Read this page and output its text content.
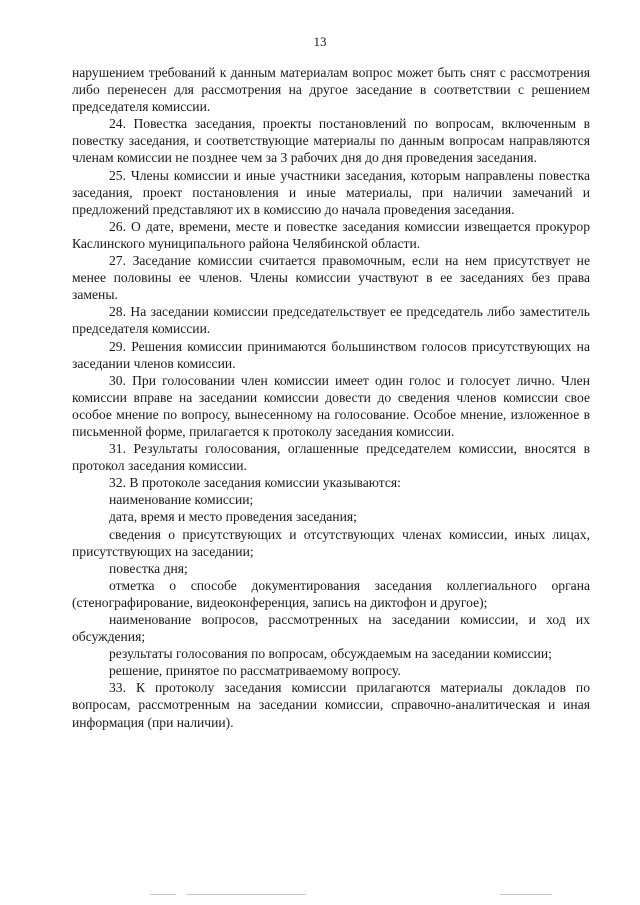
13

нарушением требований к данным материалам вопрос может быть снят с рассмотрения либо перенесен для рассмотрения на другое заседание в соответствии с решением председателя комиссии.

24. Повестка заседания, проекты постановлений по вопросам, включенным в повестку заседания, и соответствующие материалы по данным вопросам направляются членам комиссии не позднее чем за 3 рабочих дня до дня проведения заседания.

25. Члены комиссии и иные участники заседания, которым направлены повестка заседания, проект постановления и иные материалы, при наличии замечаний и предложений представляют их в комиссию до начала проведения заседания.

26. О дате, времени, месте и повестке заседания комиссии извещается прокурор Каслинского муниципального района Челябинской области.

27. Заседание комиссии считается правомочным, если на нем присутствует не менее половины ее членов. Члены комиссии участвуют в ее заседаниях без права замены.

28. На заседании комиссии председательствует ее председатель либо заместитель председателя комиссии.

29. Решения комиссии принимаются большинством голосов присутствующих на заседании членов комиссии.

30. При голосовании член комиссии имеет один голос и голосует лично. Член комиссии вправе на заседании комиссии довести до сведения членов комиссии свое особое мнение по вопросу, вынесенному на голосование. Особое мнение, изложенное в письменной форме, прилагается к протоколу заседания комиссии.

31. Результаты голосования, оглашенные председателем комиссии, вносятся в протокол заседания комиссии.

32. В протоколе заседания комиссии указываются:

наименование комиссии;

дата, время и место проведения заседания;

сведения о присутствующих и отсутствующих членах комиссии, иных лицах, присутствующих на заседании;

повестка дня;

отметка о способе документирования заседания коллегиального органа (стенографирование, видеоконференция, запись на диктофон и другое);

наименование вопросов, рассмотренных на заседании комиссии, и ход их обсуждения;

результаты голосования по вопросам, обсуждаемым на заседании комиссии;

решение, принятое по рассматриваемому вопросу.

33. К протоколу заседания комиссии прилагаются материалы докладов по вопросам, рассмотренным на заседании комиссии, справочно-аналитическая и иная информация (при наличии).
